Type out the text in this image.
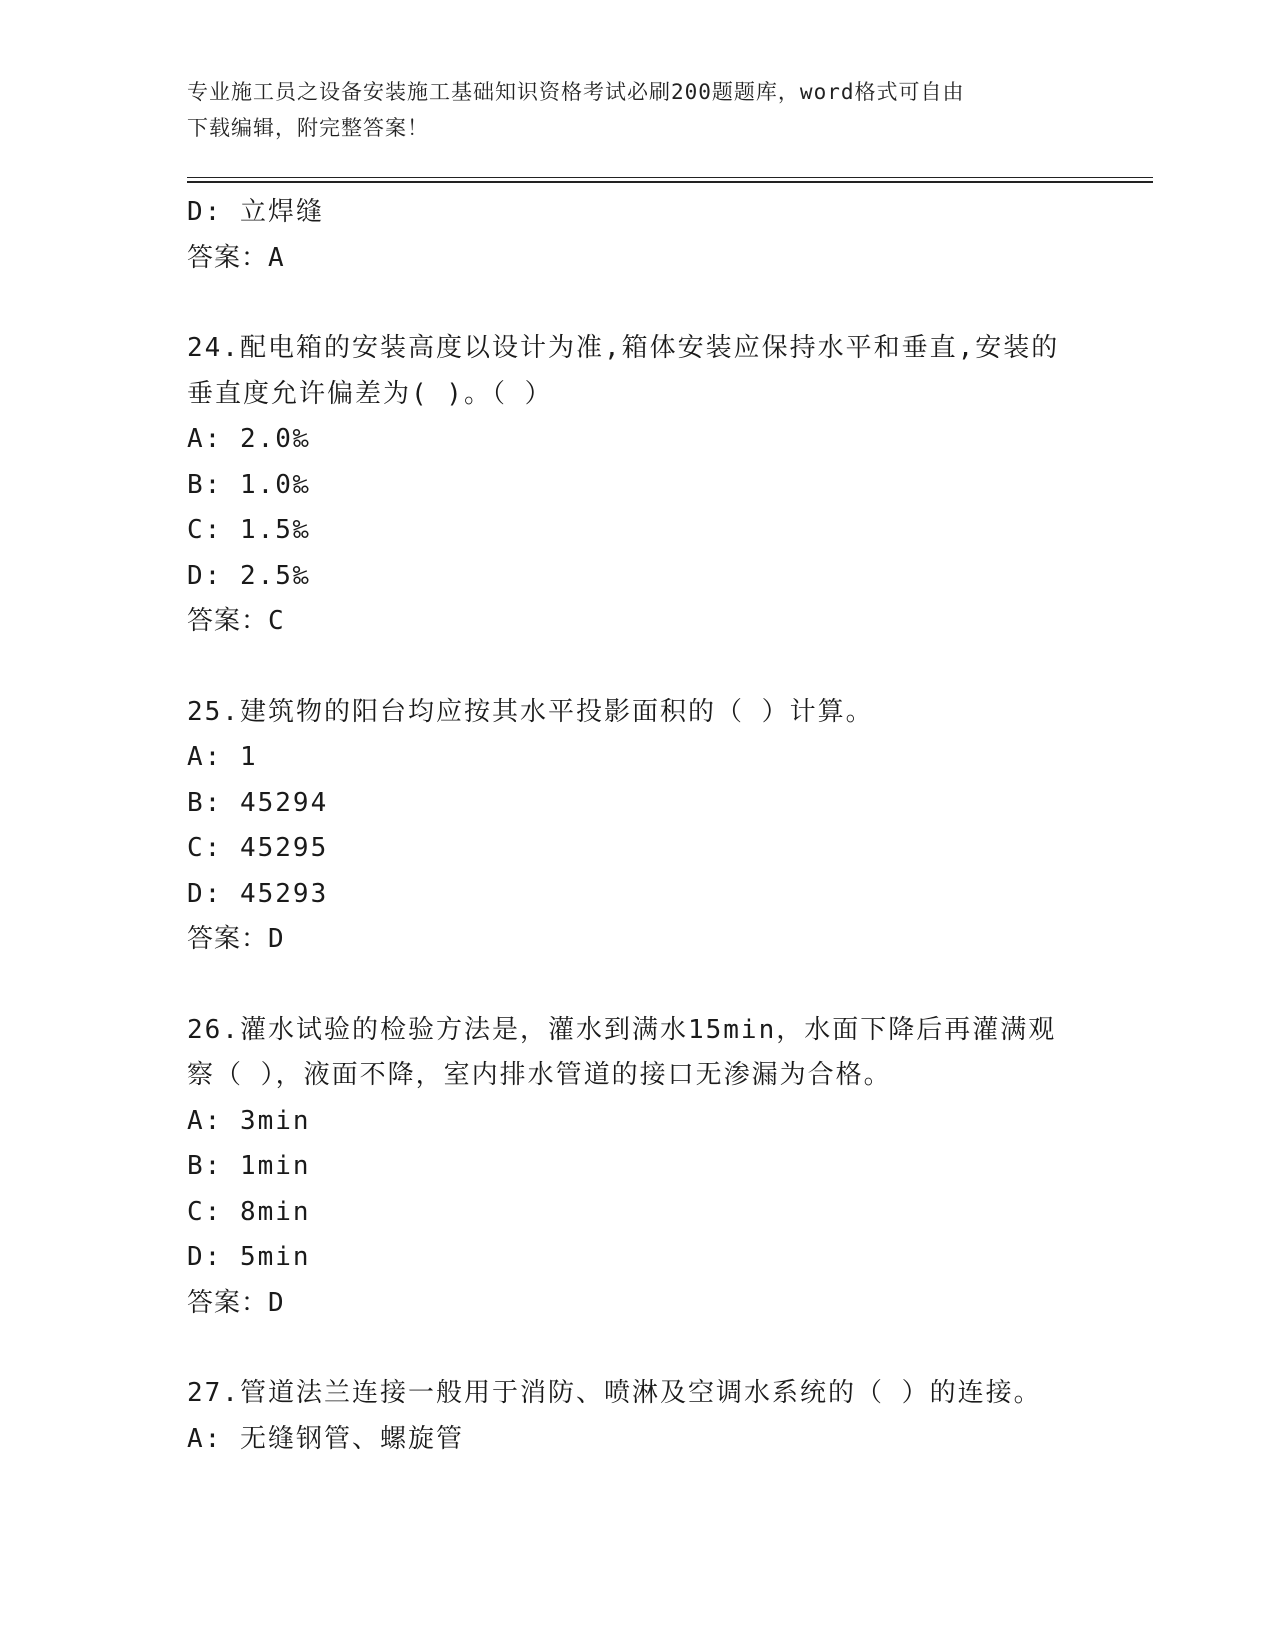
专业施工员之设备安装施工基础知识资格考试必刷200题题库，word格式可自由
下载编辑，附完整答案！
D: 立焊缝
答案：A
24.配电箱的安装高度以设计为准,箱体安装应保持水平和垂直,安装的
垂直度允许偏差为( )。（ ）
A: 2.0‰
B: 1.0‰
C: 1.5‰
D: 2.5‰
答案：C
25.建筑物的阳台均应按其水平投影面积的（ ）计算。
A: 1
B: 45294
C: 45295
D: 45293
答案：D
26.灌水试验的检验方法是，灌水到满水15min，水面下降后再灌满观
察（ ），液面不降，室内排水管道的接口无渗漏为合格。
A: 3min
B: 1min
C: 8min
D: 5min
答案：D
27.管道法兰连接一般用于消防、喷淋及空调水系统的（ ）的连接。
A: 无缝钢管、螺旋管
